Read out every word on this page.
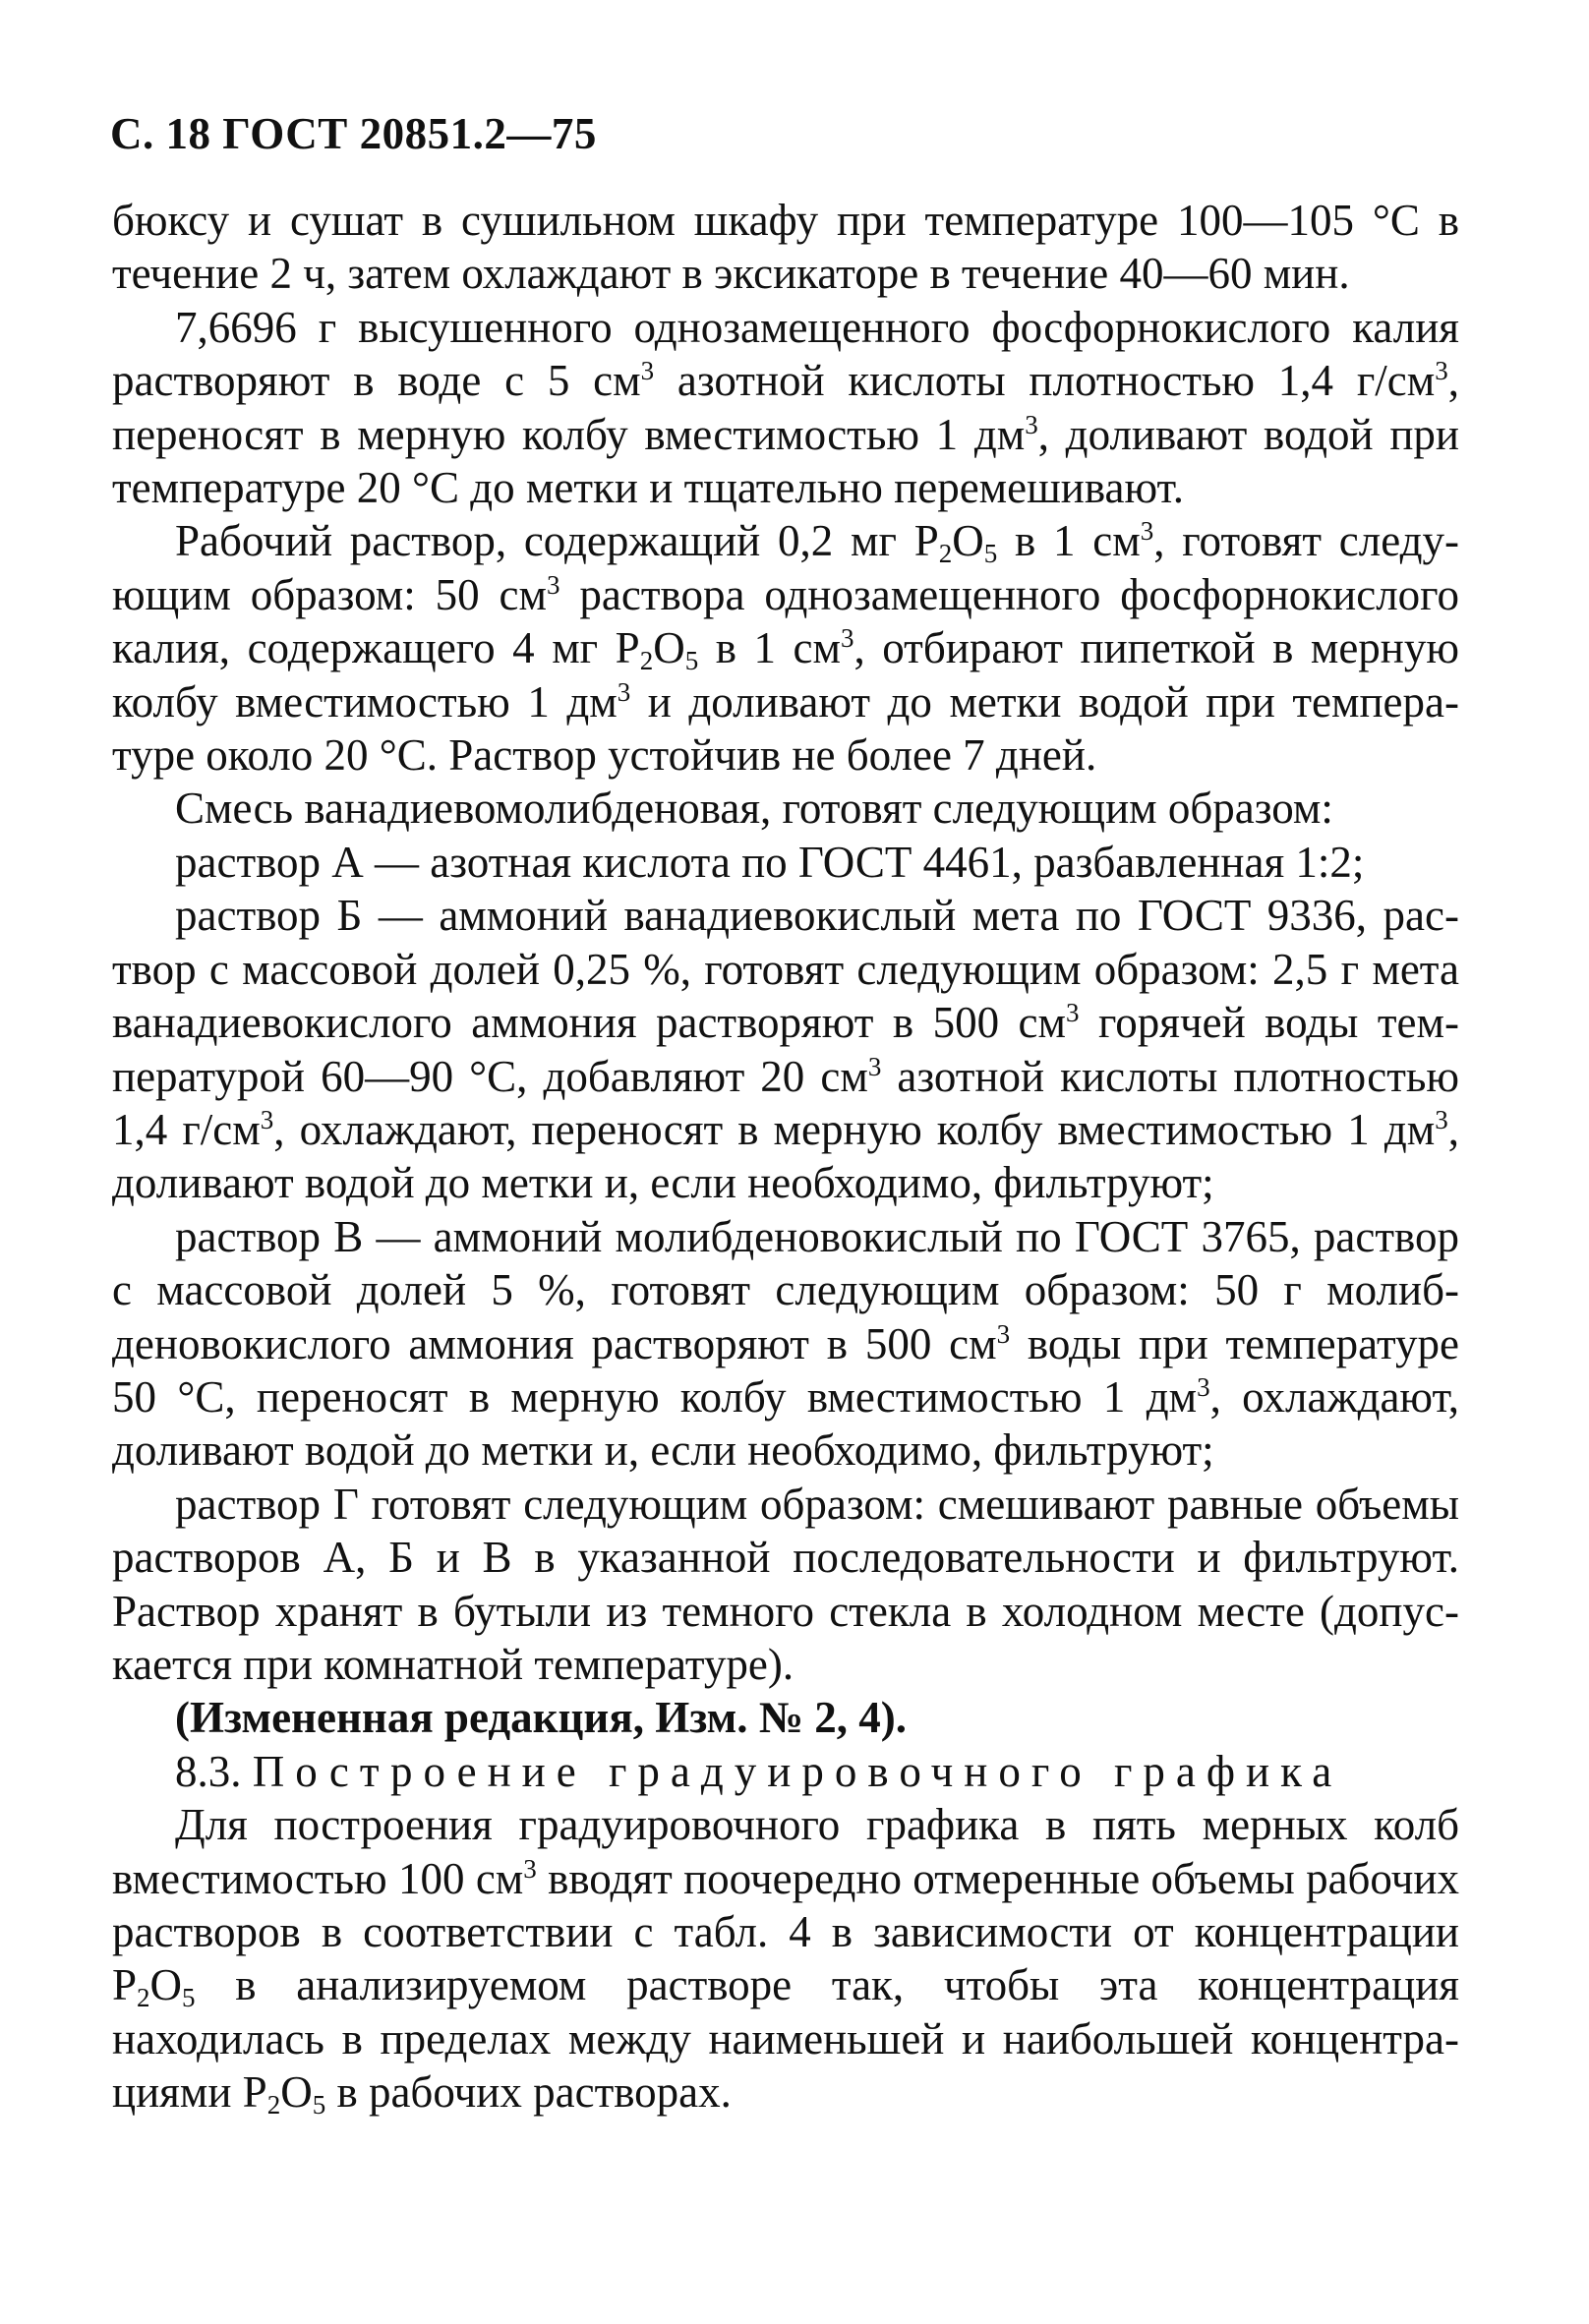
С. 18 ГОСТ 20851.2—75

бюксу и сушат в сушильном шкафу при температуре 100—105 °С в течение 2 ч, затем охлаждают в эксикаторе в течение 40—60 мин.

7,6696 г высушенного однозамещенного фосфорнокислого калия растворяют в воде с 5 $см^3$ азотной кислоты плотностью 1,4 $г/см^3$, переносят в мерную колбу вместимостью 1 $дм^3$, доливают водой при температуре 20 °С до метки и тщательно перемешивают.

Рабочий раствор, содержащий 0,2 мг $Р_2О_5$ в 1 $см^3$, готовят следующим образом: 50 $см^3$ раствора однозамещенного фосфорнокислого калия, содержащего 4 мг $Р_2О_5$ в 1 $см^3$, отбирают пипеткой в мерную колбу вместимостью 1 $дм^3$ и доливают до метки водой при температуре около 20 °С. Раствор устойчив не более 7 дней.

Смесь ванадиевомолибденовая, готовят следующим образом:

раствор А — азотная кислота по ГОСТ 4461, разбавленная 1:2;

раствор Б — аммоний ванадиевокислый мета по ГОСТ 9336, раствор с массовой долей 0,25 %, готовят следующим образом: 2,5 г мета ванадиевокислого аммония растворяют в 500 $см^3$ горячей воды температурой 60—90 °С, добавляют 20 $см^3$ азотной кислоты плотностью 1,4 $г/см^3$, охлаждают, переносят в мерную колбу вместимостью 1 $дм^3$, доливают водой до метки и, если необходимо, фильтруют;

раствор В — аммоний молибденовокислый по ГОСТ 3765, раствор с массовой долей 5 %, готовят следующим образом: 50 г молибденовокислого аммония растворяют в 500 $см^3$ воды при температуре 50 °С, переносят в мерную колбу вместимостью 1 $дм^3$, охлаждают, доливают водой до метки и, если необходимо, фильтруют;

раствор Г готовят следующим образом: смешивают равные объемы растворов А, Б и В в указанной последовательности и фильтруют. Раствор хранят в бутыли из темного стекла в холодном месте (допускается при комнатной температуре).

(Измененная редакция, Изм. № 2, 4).

8.3. Построение градуировочного графика

Для построения градуировочного графика в пять мерных колб вместимостью 100 $см^3$ вводят поочередно отмеренные объемы рабочих растворов в соответствии с табл. 4 в зависимости от концентрации $Р_2О_5$ в анализируемом растворе так, чтобы эта концентрация находилась в пределах между наименьшей и наибольшей концентрациями $Р_2О_5$ в рабочих растворах.
